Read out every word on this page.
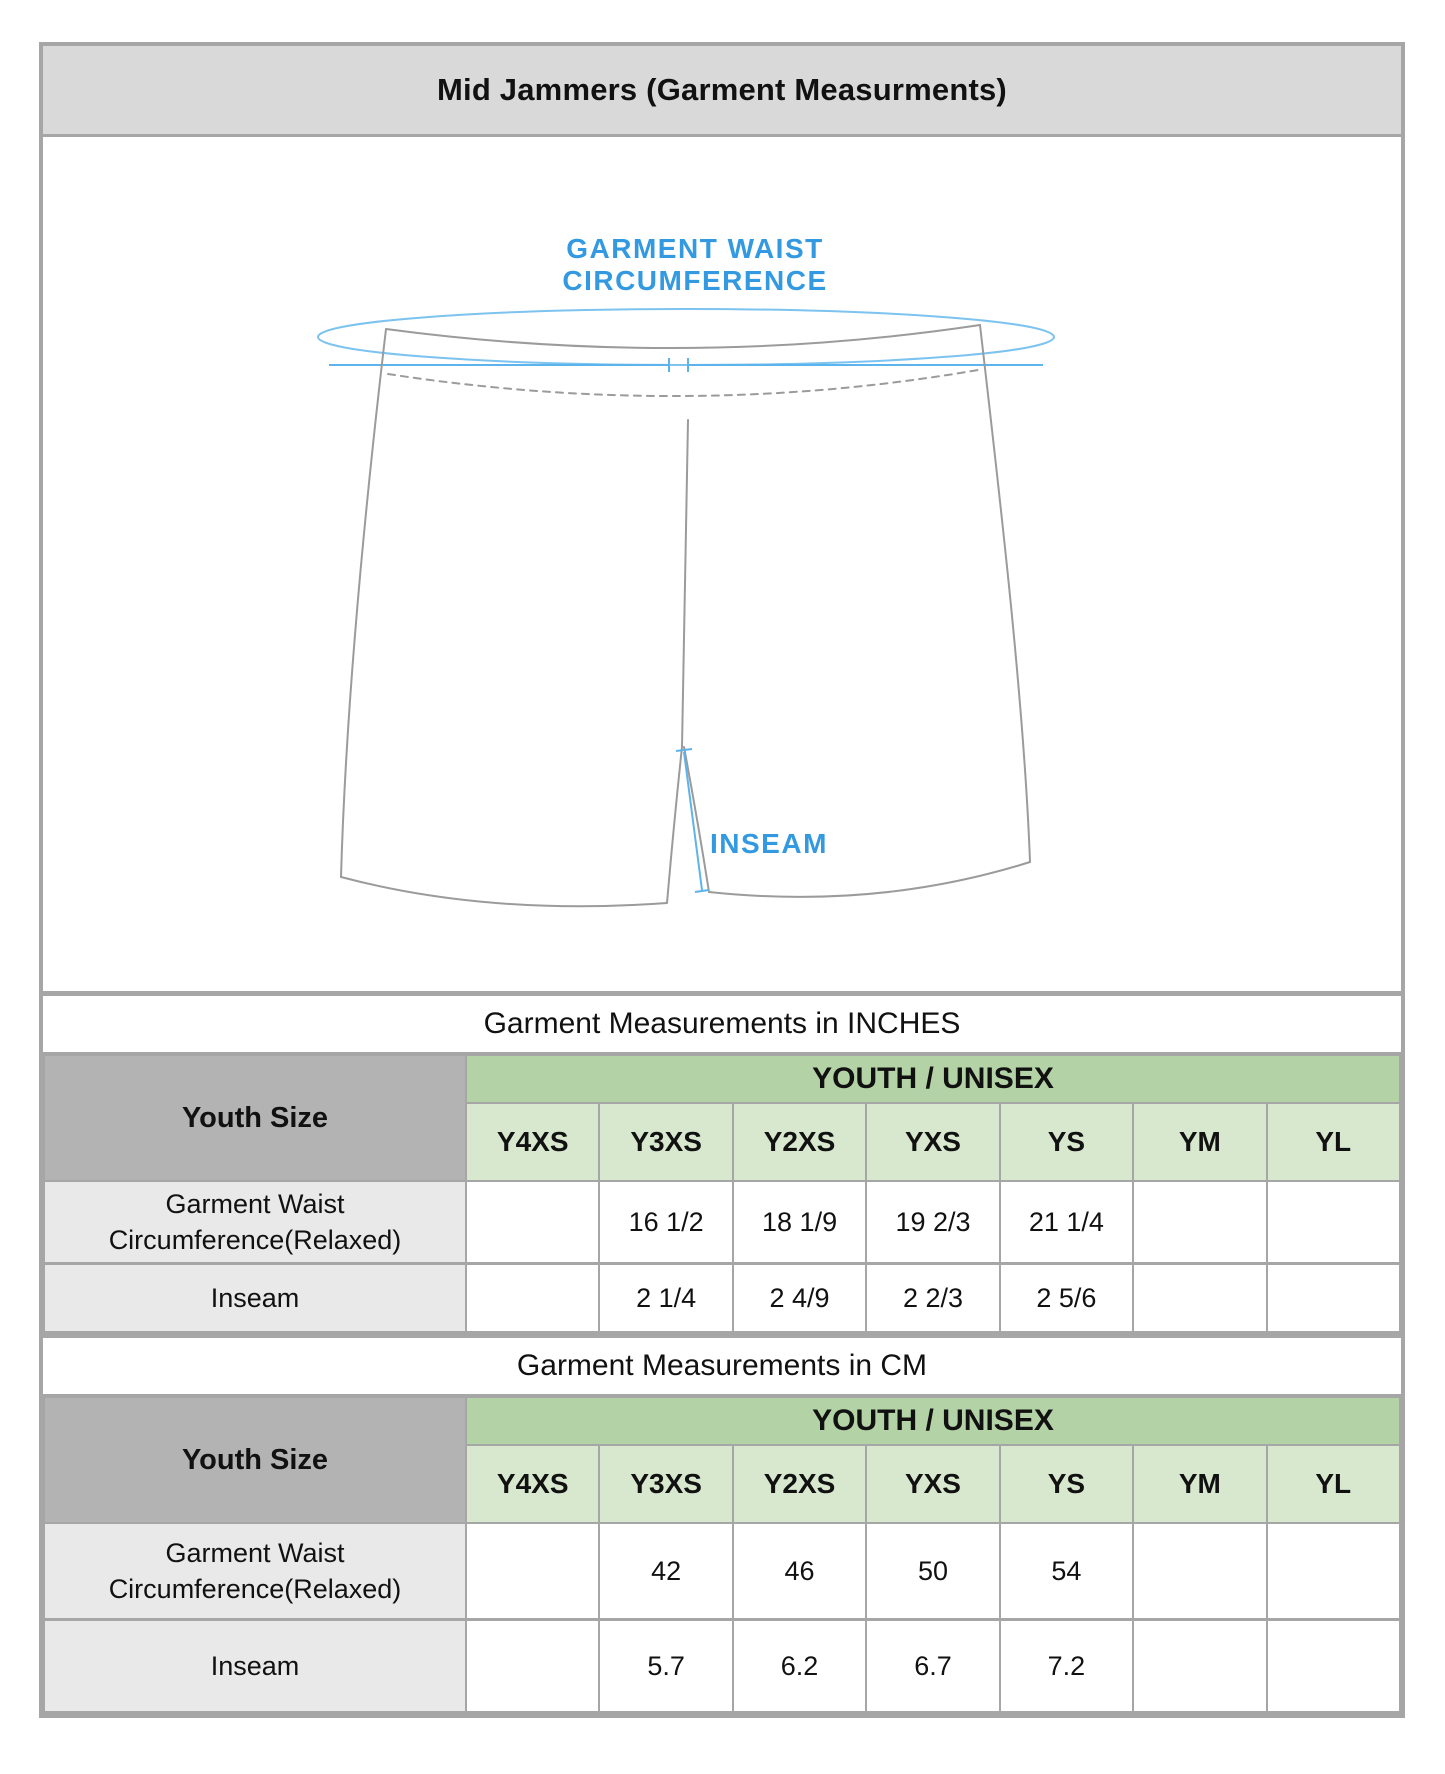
Mid Jammers (Garment Measurments)
GARMENT WAIST
CIRCUMFERENCE
INSEAM
Garment Measurements in INCHES
Youth Size	YOUTH / UNISEX						
	Y4XS	Y3XS	Y2XS	YXS	YS	YM	YL
Garment Waist Circumference(Relaxed)		16 1/2	18 1/9	19 2/3	21 1/4		
Inseam		2 1/4	2 4/9	2 2/3	2 5/6		
Garment Measurements in CM
Youth Size	YOUTH / UNISEX						
	Y4XS	Y3XS	Y2XS	YXS	YS	YM	YL
Garment Waist Circumference(Relaxed)		42	46	50	54		
Inseam		5.7	6.2	6.7	7.2		
